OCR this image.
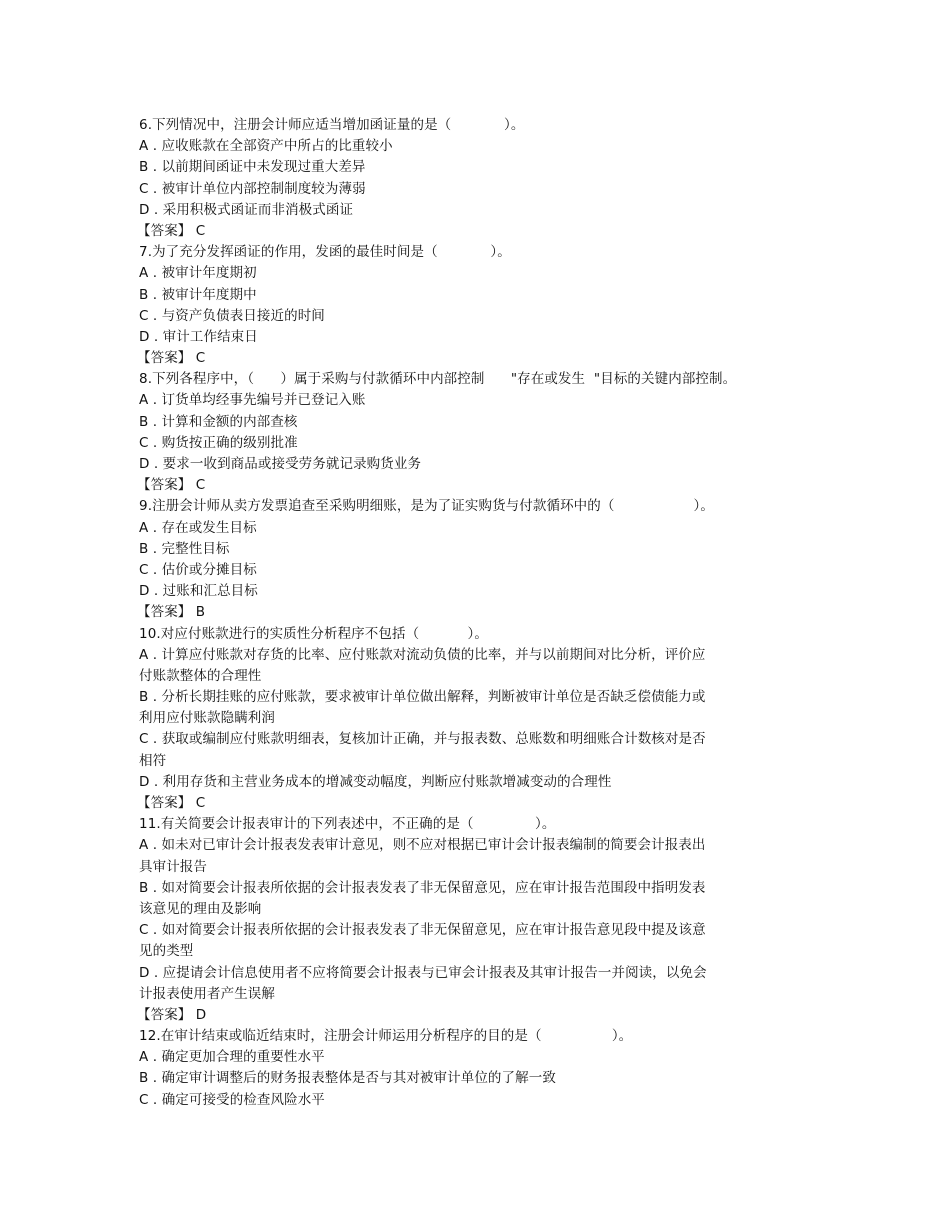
6.下列情况中，注册会计师应适当增加函证量的是（            ）。

A . 应收账款在全部资产中所占的比重较小

B . 以前期间函证中未发现过重大差异

C . 被审计单位内部控制制度较为薄弱

D . 采用积极式函证而非消极式函证

【答案】 C

7.为了充分发挥函证的作用，发函的最佳时间是（            ）。

A . 被审计年度期初

B . 被审计年度期中

C . 与资产负债表日接近的时间

D . 审计工作结束日

【答案】 C

8.下列各程序中，（      ）属于采购与付款循环中内部控制      "存在或发生  "目标的关键内部控制。

A . 订货单均经事先编号并已登记入账

B . 计算和金额的内部查核

C . 购货按正确的级别批准

D . 要求一收到商品或接受劳务就记录购货业务

【答案】 C

9.注册会计师从卖方发票追查至采购明细账，是为了证实购货与付款循环中的（                  ）。

A . 存在或发生目标

B . 完整性目标

C . 估价或分摊目标

D . 过账和汇总目标

【答案】 B

10.对应付账款进行的实质性分析程序不包括（           ）。

A . 计算应付账款对存货的比率、应付账款对流动负债的比率，并与以前期间对比分析，评价应

付账款整体的合理性

B . 分析长期挂账的应付账款，要求被审计单位做出解释，判断被审计单位是否缺乏偿债能力或

利用应付账款隐瞒利润

C . 获取或编制应付账款明细表，复核加计正确，并与报表数、总账数和明细账合计数核对是否

相符

D . 利用存货和主营业务成本的增减变动幅度，判断应付账款增减变动的合理性

【答案】 C

11.有关简要会计报表审计的下列表述中，不正确的是（              ）。

A . 如未对已审计会计报表发表审计意见，则不应对根据已审计会计报表编制的简要会计报表出

具审计报告

B . 如对简要会计报表所依据的会计报表发表了非无保留意见，应在审计报告范围段中指明发表

该意见的理由及影响

C . 如对简要会计报表所依据的会计报表发表了非无保留意见，应在审计报告意见段中提及该意

见的类型

D . 应提请会计信息使用者不应将简要会计报表与已审会计报表及其审计报告一并阅读，以免会

计报表使用者产生误解

【答案】 D

12.在审计结束或临近结束时，注册会计师运用分析程序的目的是（                ）。

A . 确定更加合理的重要性水平

B . 确定审计调整后的财务报表整体是否与其对被审计单位的了解一致

C . 确定可接受的检查风险水平
